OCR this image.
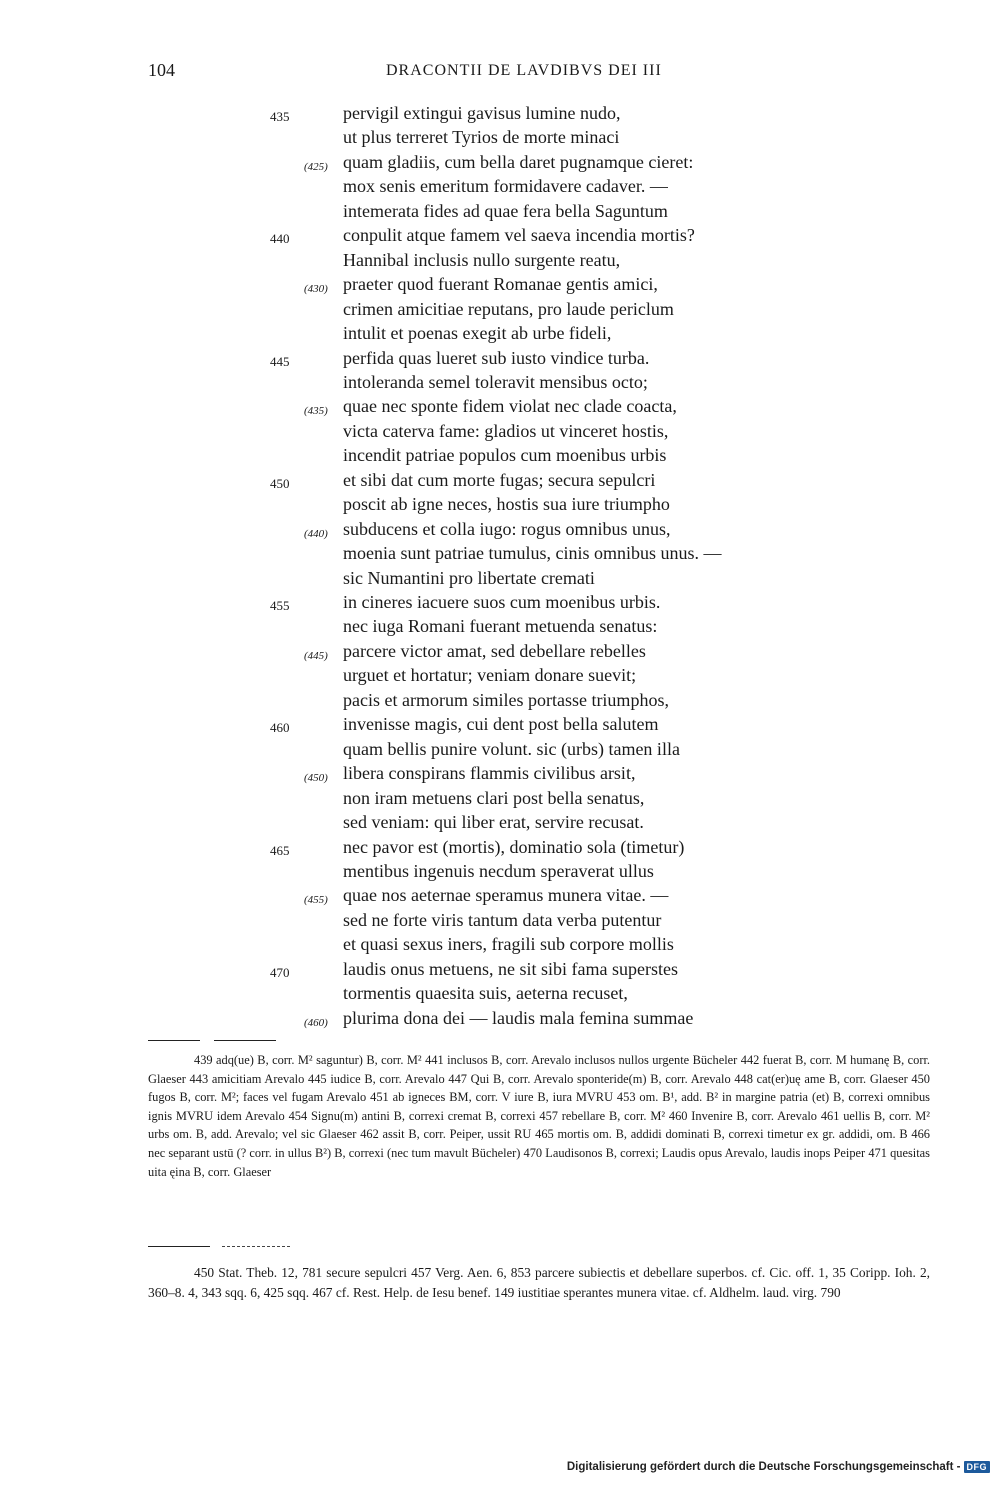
104	DRACONTII DE LAVDIBVS DEI III
435	pervigil extingui gavisus lumine nudo,
ut plus terreret Tyrios de morte minaci
(425) quam gladiis, cum bella daret pugnamque cieret:
mox senis emeritum formidavere cadaver. —
intemerata fides ad quae fera bella Saguntum
440	conpulit atque famem vel saeva incendia mortis?
Hannibal inclusis nullo surgente reatu,
(430) praeter quod fuerant Romanae gentis amici,
crimen amicitiae reputans, pro laude periclum
intulit et poenas exegit ab urbe fideli,
445	perfida quas lueret sub iusto vindice turba.
intoleranda semel toleravit mensibus octo;
(435) quae nec sponte fidem violat nec clade coacta,
victa caterva fame: gladios ut vinceret hostis,
incendit patriae populos cum moenibus urbis
450	et sibi dat cum morte fugas; secura sepulcri
poscit ab igne neces, hostis sua iure triumpho
(440) subducens et colla iugo: rogus omnibus unus,
moenia sunt patriae tumulus, cinis omnibus unus. —
sic Numantini pro libertate cremati
455	in cineres iacuere suos cum moenibus urbis.
nec iuga Romani fuerant metuenda senatus:
(445) parcere victor amat, sed debellare rebelles
urguet et hortatur; veniam donare suevit;
pacis et armorum similes portasse triumphos,
460	invenisse magis, cui dent post bella salutem
quam bellis punire volunt. sic (urbs) tamen illa
(450) libera conspirans flammis civilibus arsit,
non iram metuens clari post bella senatus,
sed veniam: qui liber erat, servire recusat.
465	nec pavor est (mortis), dominatio sola (timetur)
mentibus ingenuis necdum speraverat ullus
(455) quae nos aeternae speramus munera vitae. —
sed ne forte viris tantum data verba putentur
et quasi sexus iners, fragili sub corpore mollis
470	laudis onus metuens, ne sit sibi fama superstes
tormentis quaesita suis, aeterna recuset,
(460) plurima dona dei — laudis mala femina summae
439 adq(ue) B, corr. M² saguntur) B, corr. M² 441 inclusos B, corr. Arevalo inclusos nullos urgente Bücheler 442 fuerat B, corr. M humanę B, corr. Glaeser 443 amicitiam Arevalo 445 iudice B, corr. Arevalo 447 Qui B, corr. Arevalo sponteride(m) B, corr. Arevalo 448 cat(er)uę ame B, corr. Glaeser 450 fugos B, corr. M²; faces vel fugam Arevalo 451 ab igneces BM, corr. V iure B, iura MVRU 453 om. B¹, add. B² in margine patria (et) B, correxi omnibus ignis MVRU idem Arevalo 454 Signu(m) antini B, correxi cremat B, correxi 457 rebellare B, corr. M² 460 Invenire B, corr. Arevalo 461 uellis B, corr. M² urbs om. B, add. Arevalo; vel sic Glaeser 462 assit B, corr. Peiper, ussit RU 465 mortis om. B, addidi dominati B, correxi timetur ex gr. addidi, om. B 466 nec separant ustū (? corr. in ullus B²) B, correxi (nec tum mavult Bücheler) 470 Laudisonos B, correxi; Laudis opus Arevalo, laudis inops Peiper 471 quesitas uita ęina B, corr. Glaeser
450 Stat. Theb. 12, 781 secure sepulcri 457 Verg. Aen. 6, 853 parcere subiectis et debellare superbos. cf. Cic. off. 1, 35 Coripp. Ioh. 2, 360–8. 4, 343 sqq. 6, 425 sqq. 467 cf. Rest. Help. de Iesu benef. 149 iustitiae sperantes munera vitae. cf. Aldhelm. laud. virg. 790
Digitalisierung gefördert durch die Deutsche Forschungsgemeinschaft - DFG
